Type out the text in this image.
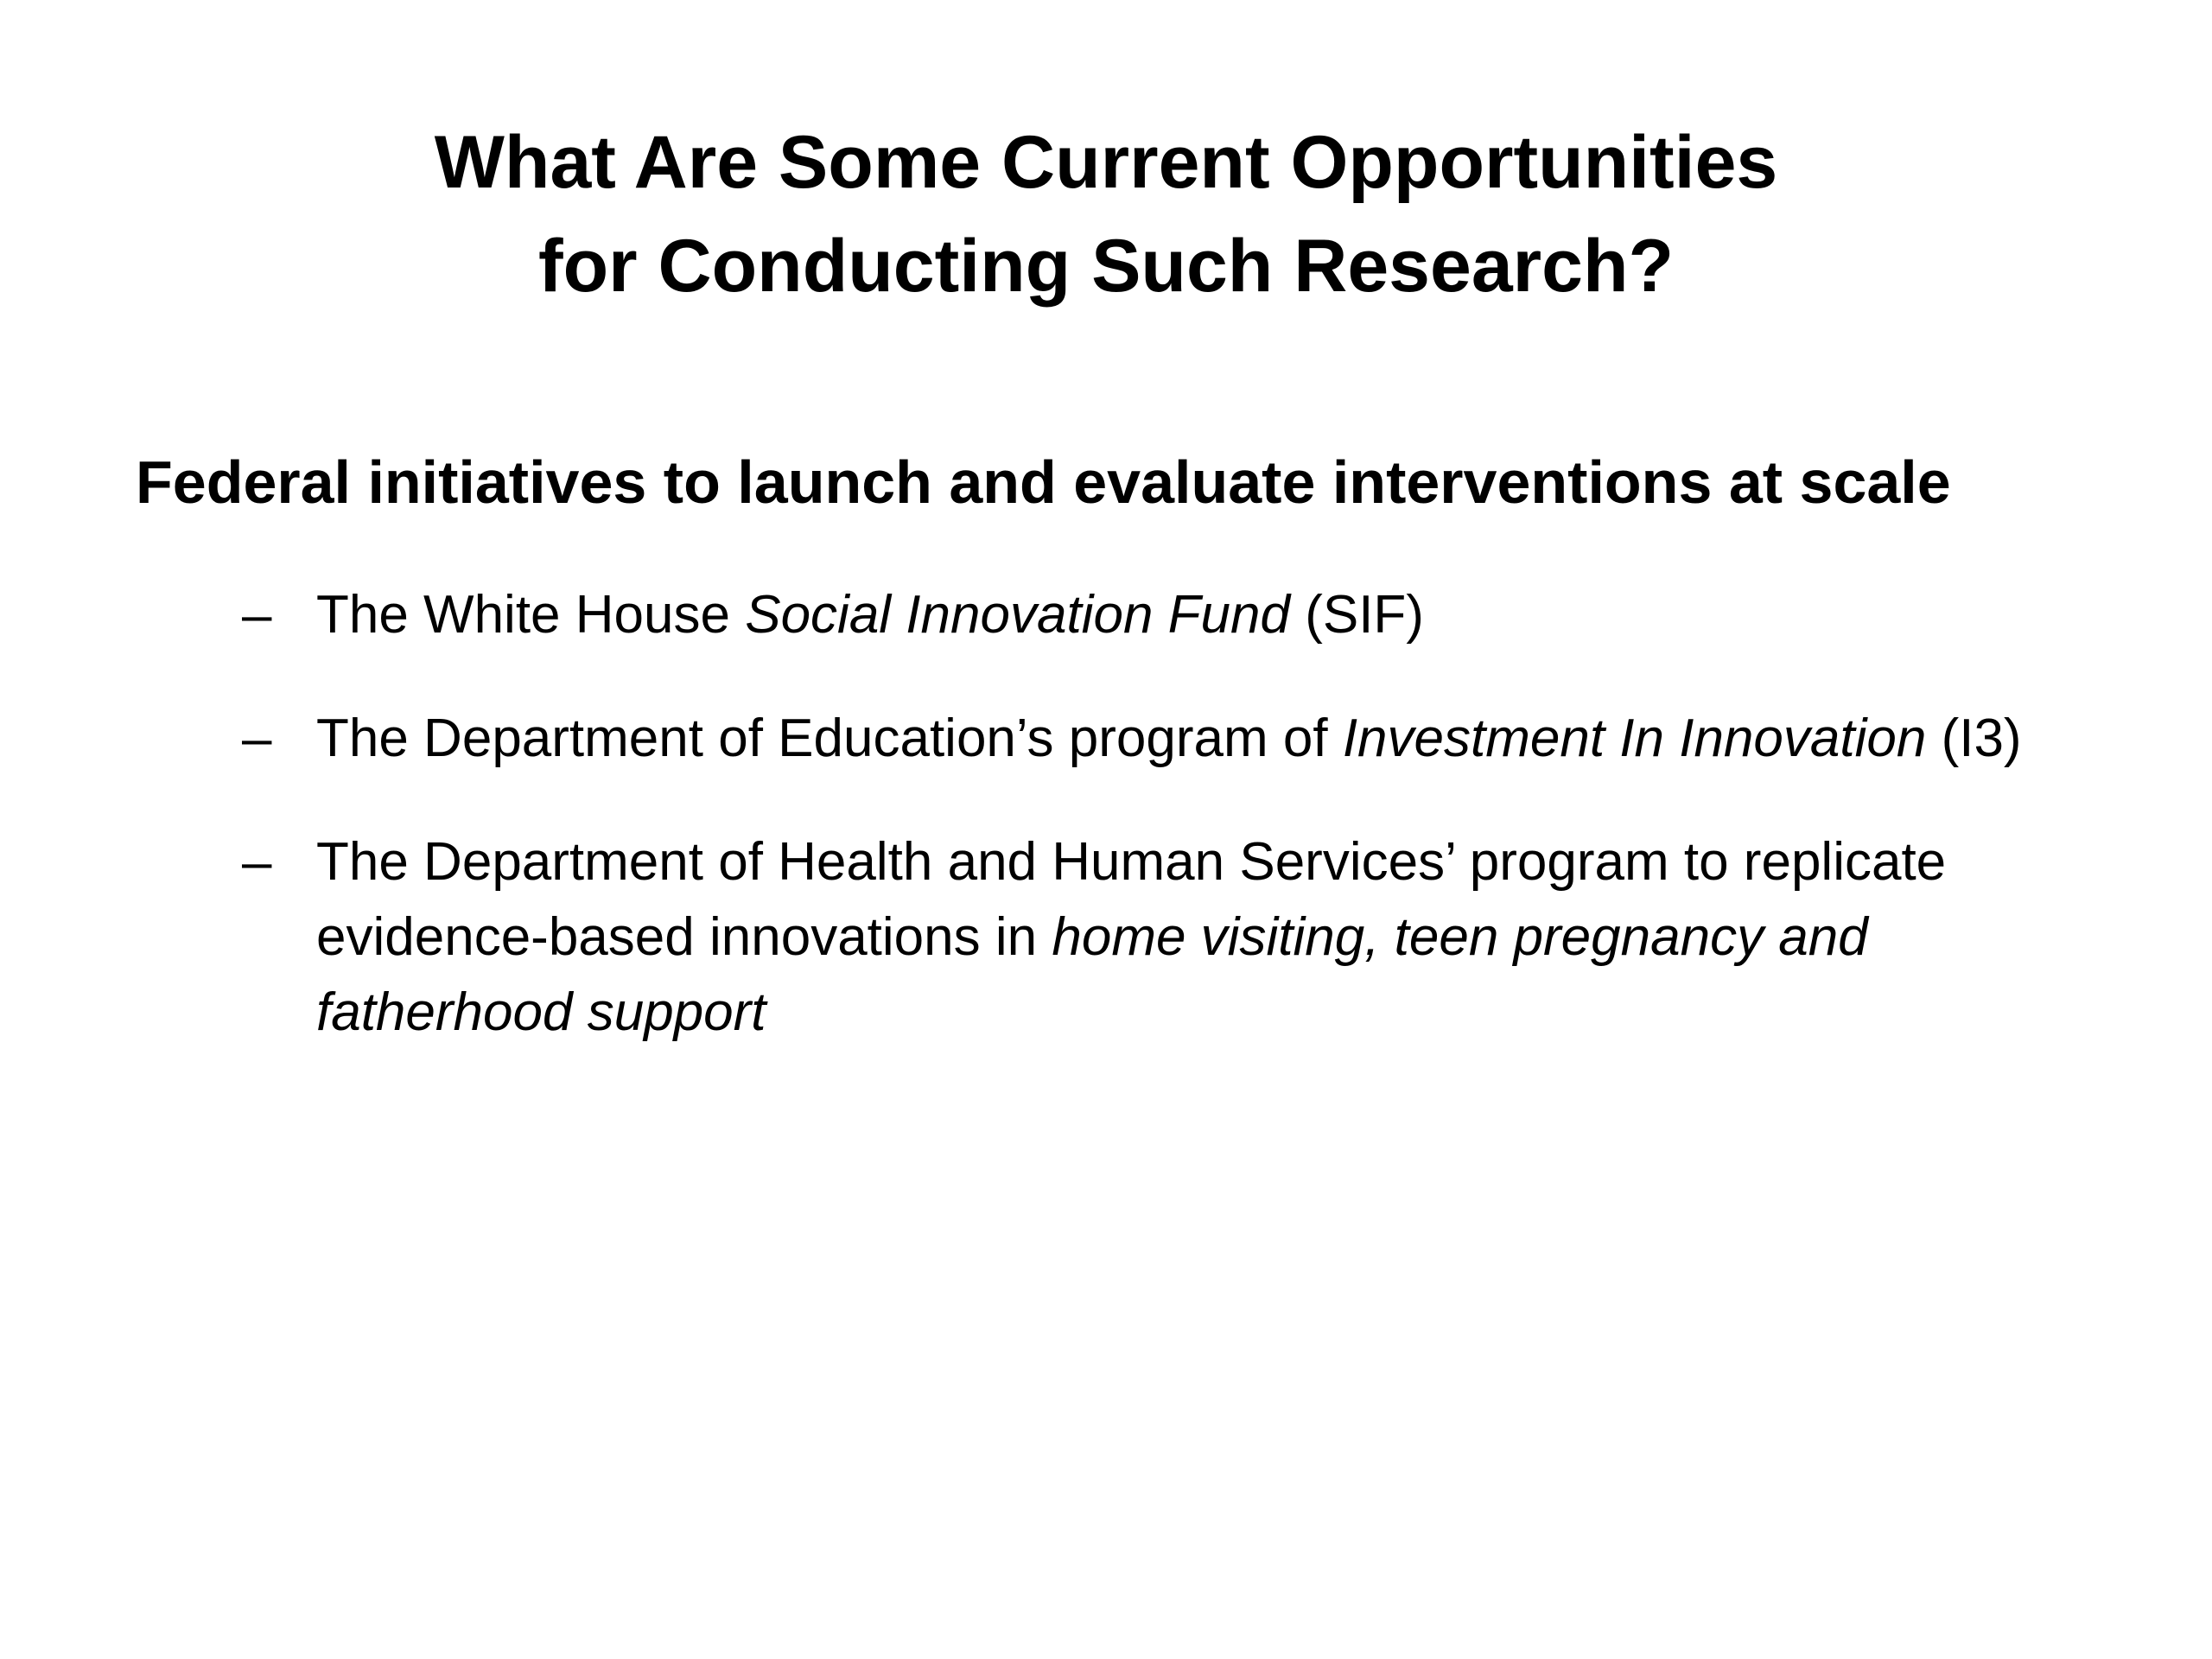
What Are Some Current Opportunities
for Conducting Such Research?
Federal initiatives to launch and evaluate interventions at scale
– The White House Social Innovation Fund (SIF)
– The Department of Education’s program of Investment In Innovation (I3)
– The Department of Health and Human Services’ program to replicate evidence-based innovations in home visiting, teen pregnancy and fatherhood support
